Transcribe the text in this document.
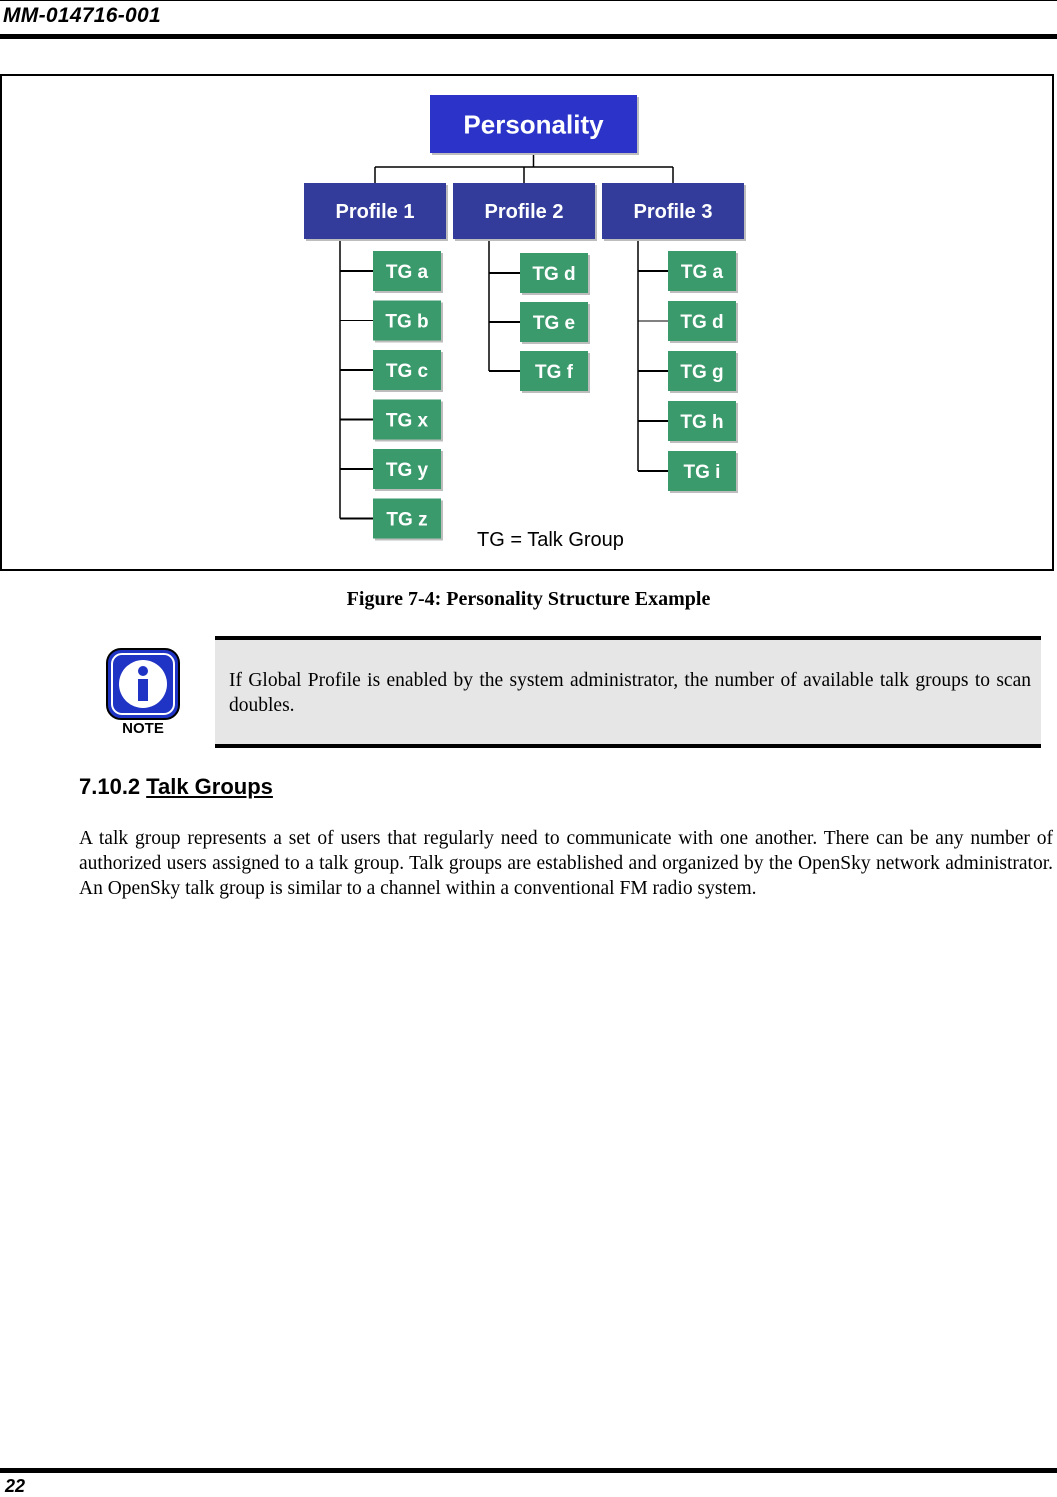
MM-014716-001
Personality
Profile 1
TG a
TG b
TG c
TG x
TG y
TG z
Profile 2
TG d
TG e
TG f
Profile 3
TG a
TG d
TG g
TG h
TG i
TG = Talk Group
Figure 7-4: Personality Structure Example
NOTE
If Global Profile is enabled by the system administrator, the number of available talk groups to scan doubles.
7.10.2 Talk Groups
A talk group represents a set of users that regularly need to communicate with one another. There can be any number of authorized users assigned to a talk group. Talk groups are established and organized by the OpenSky network administrator. An OpenSky talk group is similar to a channel within a conventional FM radio system.
22
